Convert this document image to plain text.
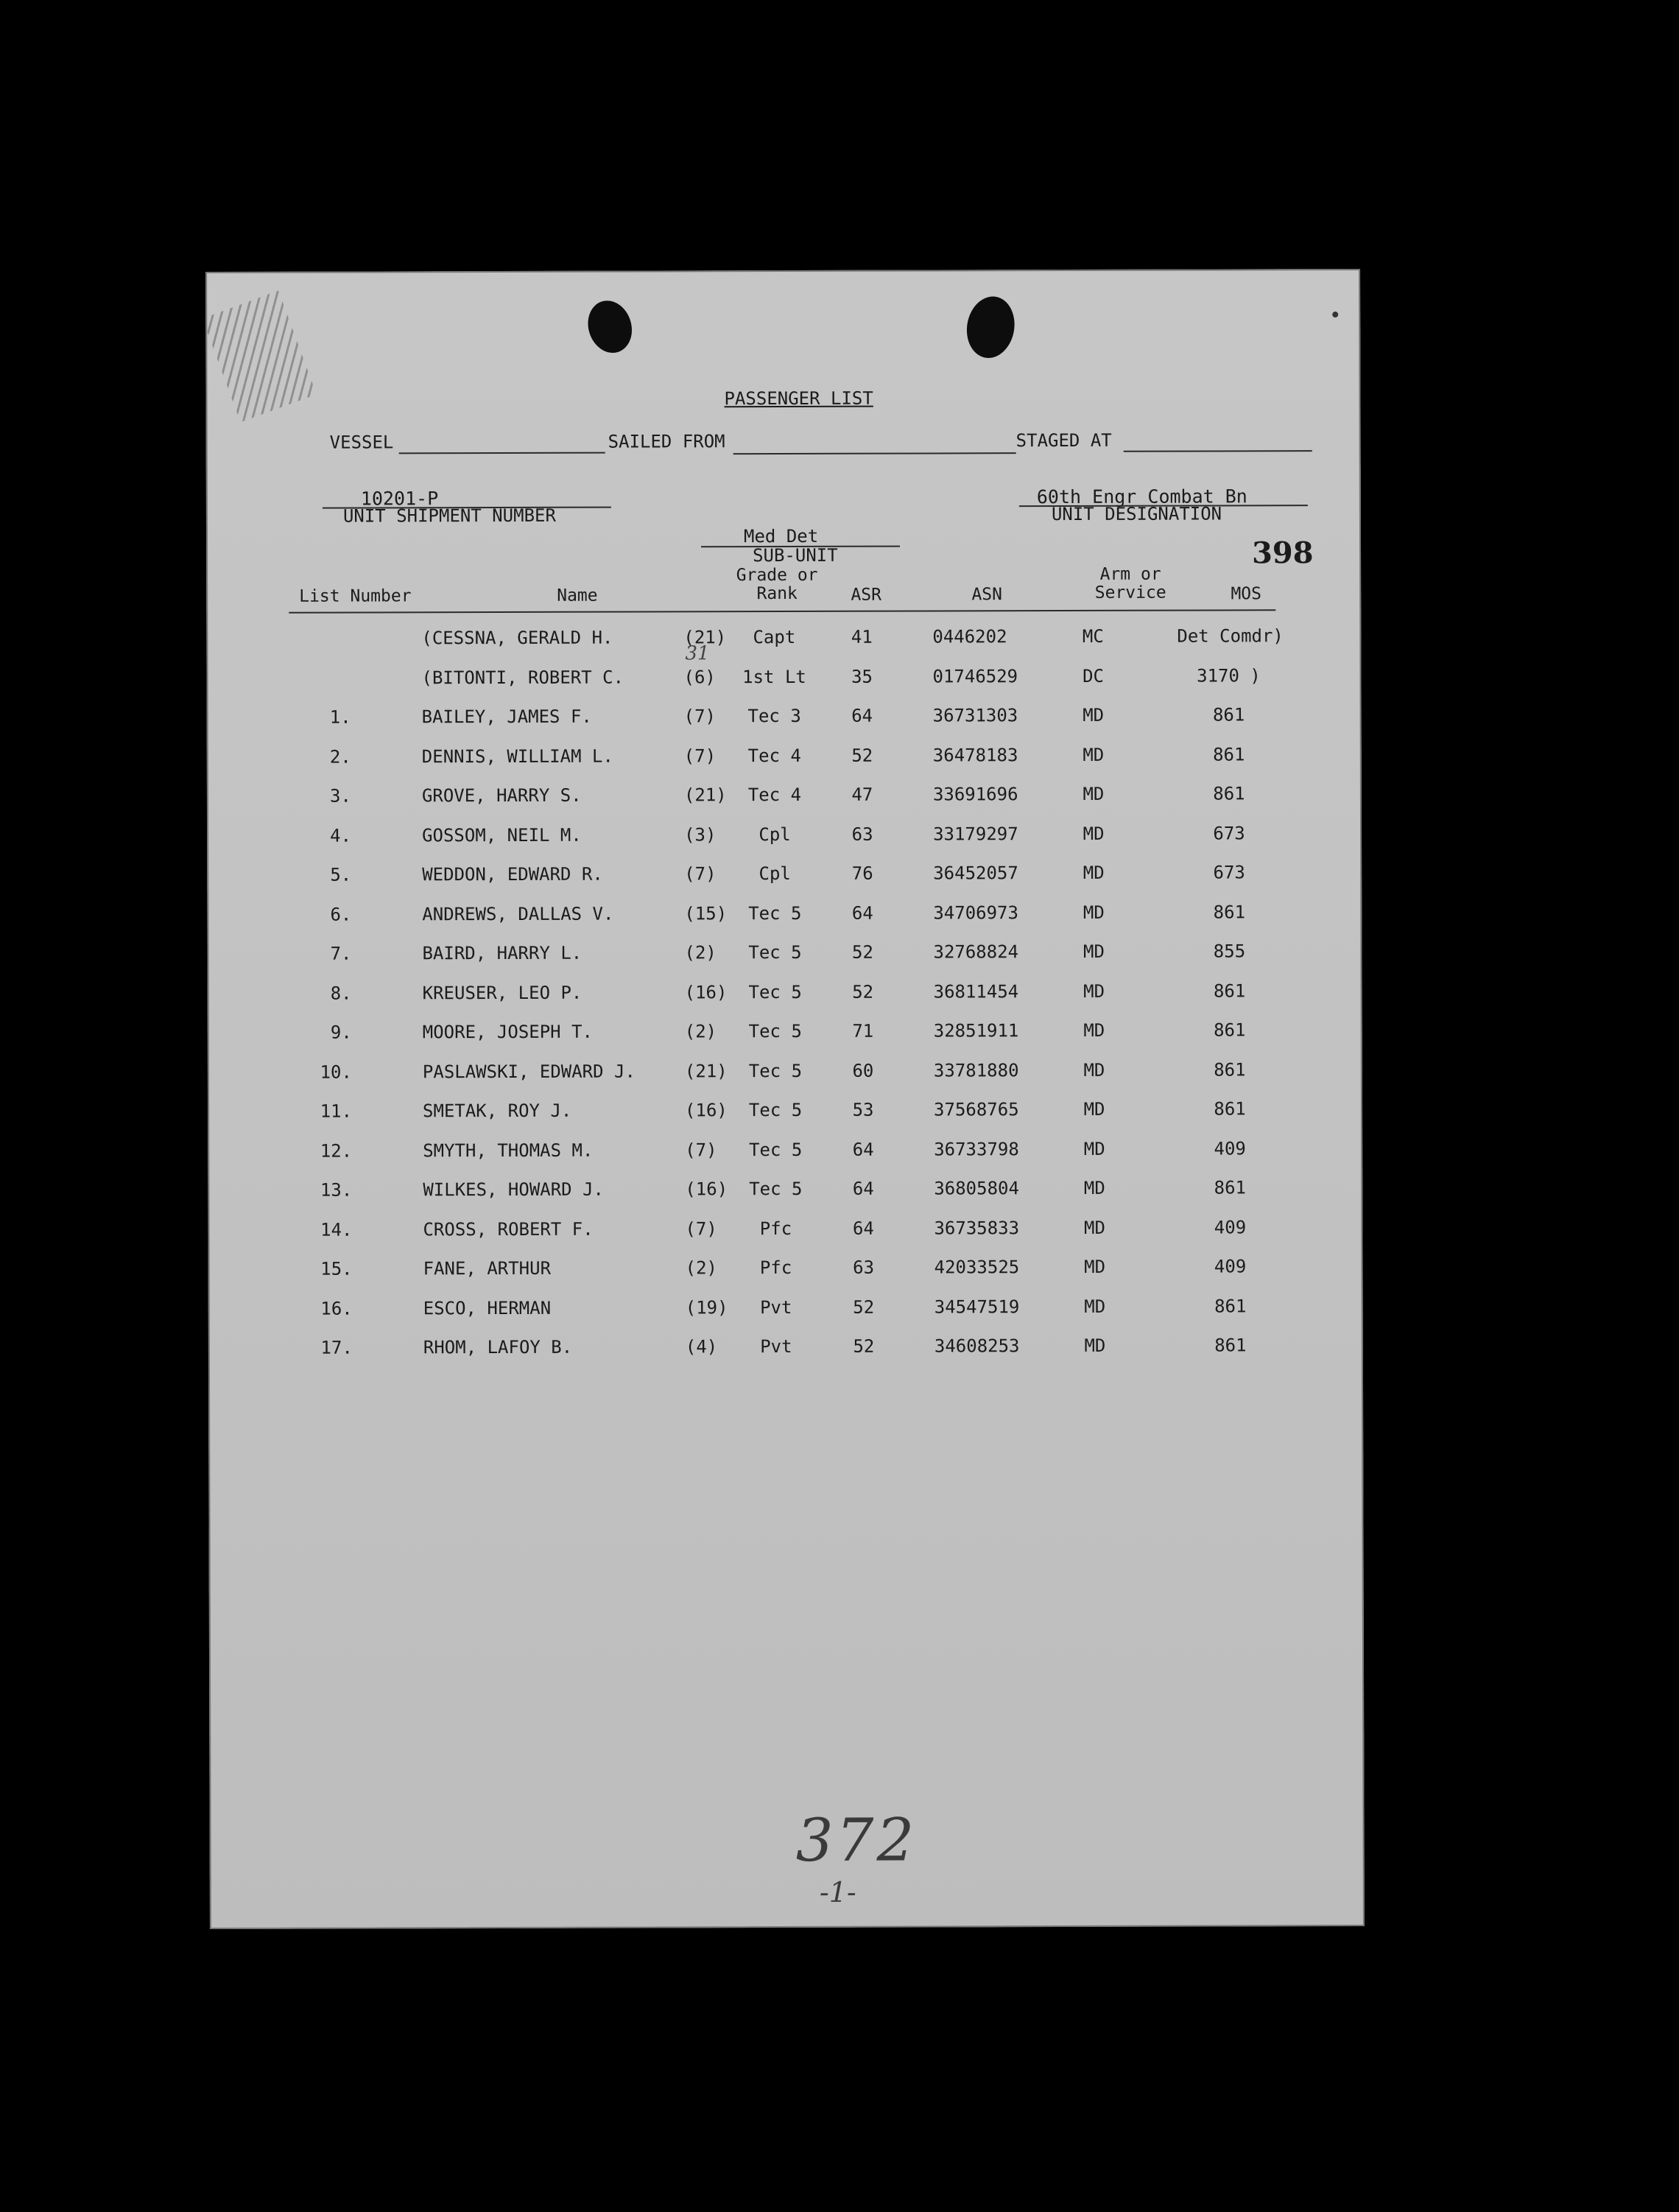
PASSENGER LIST
VESSEL	SAILED FROM	STAGED AT
10201-P
UNIT SHIPMENT NUMBER
60th Engr Combat Bn
UNIT DESIGNATION
398
Med Det
SUB-UNIT
List Number	Name
Grade or
Rank	ASR	ASN
Arm or
Service	MOS
31
(CESSNA, GERALD H.	(21)	Capt	41	0446202	MC	Det Comdr)
(BITONTI, ROBERT C.	(6)	1st Lt	35	01746529	DC	3170 )
1.	BAILEY, JAMES F.	(7)	Tec 3	64	36731303	MD	861
2.	DENNIS, WILLIAM L.	(7)	Tec 4	52	36478183	MD	861
3.	GROVE, HARRY S.	(21)	Tec 4	47	33691696	MD	861
4.	GOSSOM, NEIL M.	(3)	Cpl	63	33179297	MD	673
5.	WEDDON, EDWARD R.	(7)	Cpl	76	36452057	MD	673
6.	ANDREWS, DALLAS V.	(15)	Tec 5	64	34706973	MD	861
7.	BAIRD, HARRY L.	(2)	Tec 5	52	32768824	MD	855
8.	KREUSER, LEO P.	(16)	Tec 5	52	36811454	MD	861
9.	MOORE, JOSEPH T.	(2)	Tec 5	71	32851911	MD	861
10.	PASLAWSKI, EDWARD J.	(21)	Tec 5	60	33781880	MD	861
11.	SMETAK, ROY J.	(16)	Tec 5	53	37568765	MD	861
12.	SMYTH, THOMAS M.	(7)	Tec 5	64	36733798	MD	409
13.	WILKES, HOWARD J.	(16)	Tec 5	64	36805804	MD	861
14.	CROSS, ROBERT F.	(7)	Pfc	64	36735833	MD	409
15.	FANE, ARTHUR	(2)	Pfc	63	42033525	MD	409
16.	ESCO, HERMAN	(19)	Pvt	52	34547519	MD	861
17.	RHOM, LAFOY B.	(4)	Pvt	52	34608253	MD	861
372
-1-
